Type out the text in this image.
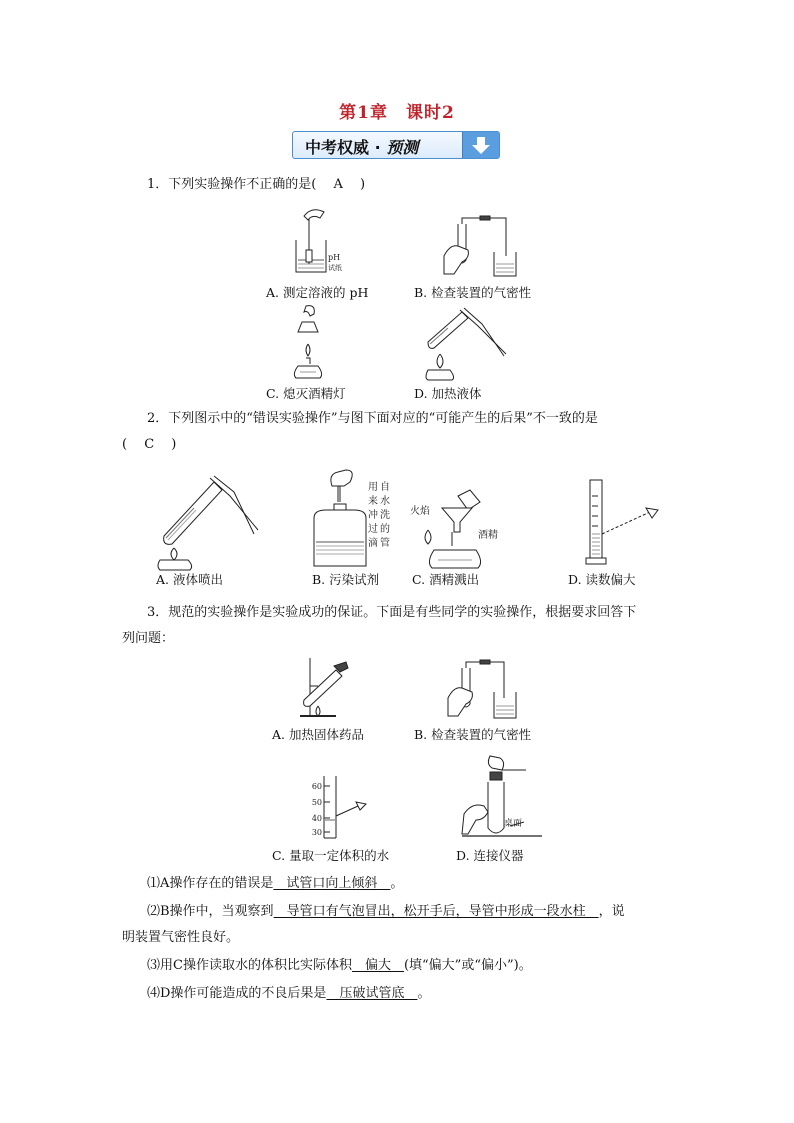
第1章　课时2
中考权威 · 预测
1．下列实验操作不正确的是(　 A 　)
pH
试纸
A. 测定溶液的 pH	B. 检查装置的气密性
C. 熄灭酒精灯	D. 加热液体
2．下列图示中的“错误实验操作”与图下面对应的“可能产生的后果”不一致的是
(　 C 　)
A. 液体喷出
用 自
来 水
冲 洗
过 的
滴 管
B. 污染试剂
火焰
酒精
C. 酒精溅出	D. 读数偏大
3．规范的实验操作是实验成功的保证。下面是有些同学的实验操作，根据要求回答下
列问题：
A. 加热固体药品	B. 检查装置的气密性
60
50
40
30
C. 量取一定体积的水
桌面
D. 连接仪器
⑴A操作存在的错误是　试管口向上倾斜　。
⑵B操作中，当观察到　导管口有气泡冒出，松开手后，导管中形成一段水柱　，说
明装置气密性良好。
⑶用C操作读取水的体积比实际体积　偏大　(填“偏大”或“偏小”)。
⑷D操作可能造成的不良后果是　压破试管底　。
